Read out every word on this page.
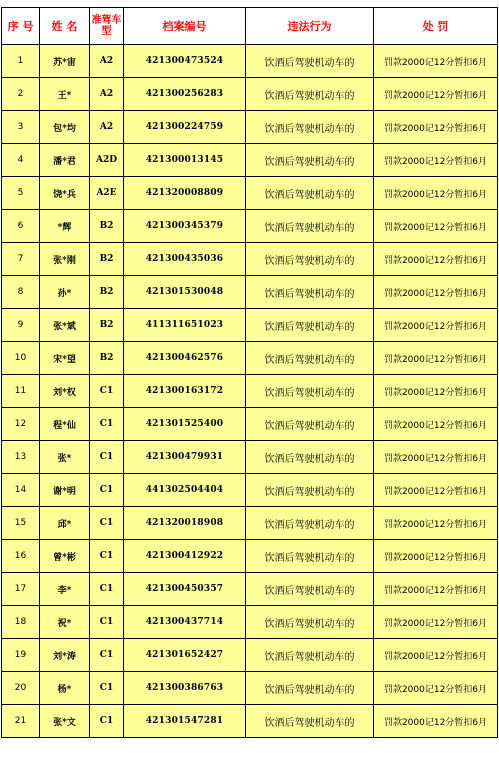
序 号	姓 名	准驾车型	档案编号	违法行为	处 罚
1	苏*宙	A2	421300473524	饮酒后驾驶机动车的	罚款2000记12分暂扣6月
2	王*	A2	421300256283	饮酒后驾驶机动车的	罚款2000记12分暂扣6月
3	包*均	A2	421300224759	饮酒后驾驶机动车的	罚款2000记12分暂扣6月
4	潘*君	A2D	421300013145	饮酒后驾驶机动车的	罚款2000记12分暂扣6月
5	饶*兵	A2E	421320008809	饮酒后驾驶机动车的	罚款2000记12分暂扣6月
6	*辉	B2	421300345379	饮酒后驾驶机动车的	罚款2000记12分暂扣6月
7	张*刚	B2	421300435036	饮酒后驾驶机动车的	罚款2000记12分暂扣6月
8	孙*	B2	421301530048	饮酒后驾驶机动车的	罚款2000记12分暂扣6月
9	张*斌	B2	411311651023	饮酒后驾驶机动车的	罚款2000记12分暂扣6月
10	宋*望	B2	421300462576	饮酒后驾驶机动车的	罚款2000记12分暂扣6月
11	刘*权	C1	421300163172	饮酒后驾驶机动车的	罚款2000记12分暂扣6月
12	程*仙	C1	421301525400	饮酒后驾驶机动车的	罚款2000记12分暂扣6月
13	张*	C1	421300479931	饮酒后驾驶机动车的	罚款2000记12分暂扣6月
14	谢*明	C1	441302504404	饮酒后驾驶机动车的	罚款2000记12分暂扣6月
15	邱*	C1	421320018908	饮酒后驾驶机动车的	罚款2000记12分暂扣6月
16	曾*彬	C1	421300412922	饮酒后驾驶机动车的	罚款2000记12分暂扣6月
17	李*	C1	421300450357	饮酒后驾驶机动车的	罚款2000记12分暂扣6月
18	祝*	C1	421300437714	饮酒后驾驶机动车的	罚款2000记12分暂扣6月
19	刘*涛	C1	421301652427	饮酒后驾驶机动车的	罚款2000记12分暂扣6月
20	杨*	C1	421300386763	饮酒后驾驶机动车的	罚款2000记12分暂扣6月
21	张*文	C1	421301547281	饮酒后驾驶机动车的	罚款2000记12分暂扣6月
